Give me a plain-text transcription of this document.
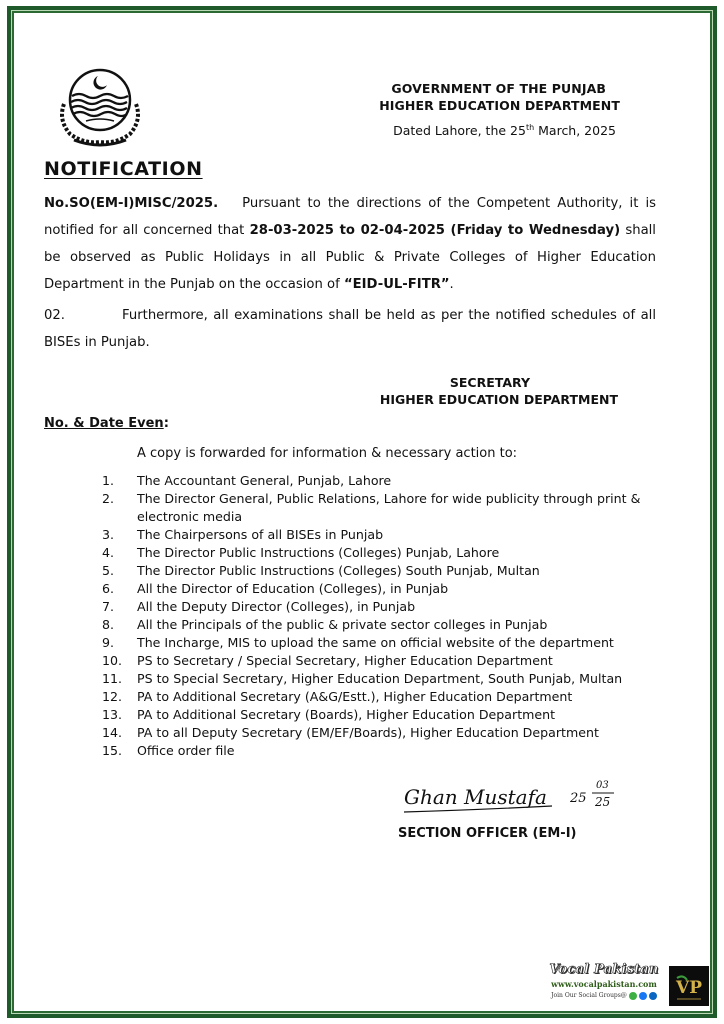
GOVERNMENT OF THE PUNJAB
HIGHER EDUCATION DEPARTMENT
Dated Lahore, the 25th March, 2025
NOTIFICATION
No.SO(EM-I)MISC/2025. Pursuant to the directions of the Competent Authority, it is notified for all concerned that 28-03-2025 to 02-04-2025 (Friday to Wednesday) shall be observed as Public Holidays in all Public & Private Colleges of Higher Education Department in the Punjab on the occasion of “EID-UL-FITR”.
02.	Furthermore, all examinations shall be held as per the notified schedules of all BISEs in Punjab.
SECRETARY
HIGHER EDUCATION DEPARTMENT
No. & Date Even:
A copy is forwarded for information & necessary action to:
1.	The Accountant General, Punjab, Lahore
2.	The Director General, Public Relations, Lahore for wide publicity through print & electronic media
3.	The Chairpersons of all BISEs in Punjab
4.	The Director Public Instructions (Colleges) Punjab, Lahore
5.	The Director Public Instructions (Colleges) South Punjab, Multan
6.	All the Director of Education (Colleges), in Punjab
7.	All the Deputy Director (Colleges), in Punjab
8.	All the Principals of the public & private sector colleges in Punjab
9.	The Incharge, MIS to upload the same on official website of the department
10.	PS to Secretary / Special Secretary, Higher Education Department
11.	PS to Special Secretary, Higher Education Department, South Punjab, Multan
12.	PA to Additional Secretary (A&G/Estt.), Higher Education Department
13.	PA to Additional Secretary (Boards), Higher Education Department
14.	PA to all Deputy Secretary (EM/EF/Boards), Higher Education Department
15.	Office order file
Ghan Mustafa 25
03
25
SECTION OFFICER (EM-I)
Vocal Pakistan
www.vocalpakistan.com
Join Our Social Groups@	VP
